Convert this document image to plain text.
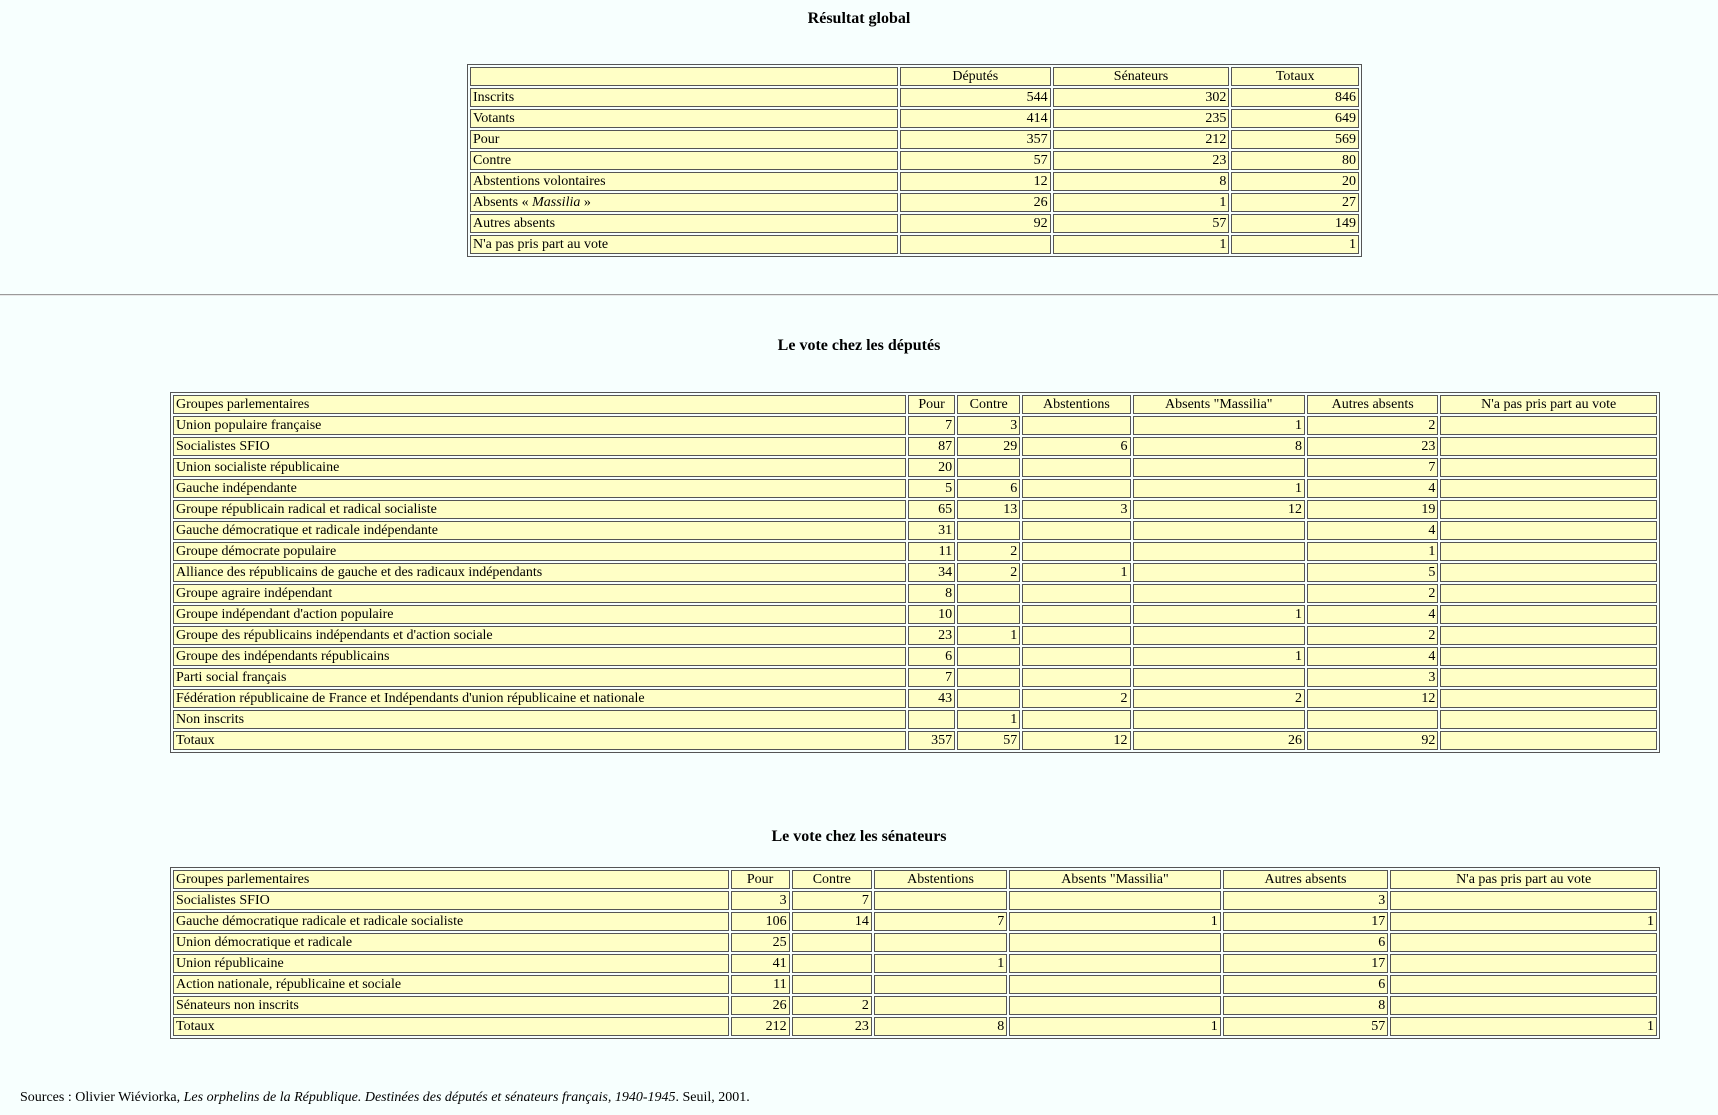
Résultat global
	Députés	Sénateurs	Totaux
Inscrits	544	302	846
Votants	414	235	649
Pour	357	212	569
Contre	57	23	80
Abstentions volontaires	12	8	20
Absents « Massilia »	26	1	27
Autres absents	92	57	149
N'a pas pris part au vote		1	1
Le vote chez les députés
Groupes parlementaires	Pour	Contre	Abstentions	Absents "Massilia"	Autres absents	N'a pas pris part au vote
Union populaire française	7	3		1	2	
Socialistes SFIO	87	29	6	8	23	
Union socialiste républicaine	20				7	
Gauche indépendante	5	6		1	4	
Groupe républicain radical et radical socialiste	65	13	3	12	19	
Gauche démocratique et radicale indépendante	31				4	
Groupe démocrate populaire	11	2			1	
Alliance des républicains de gauche et des radicaux indépendants	34	2	1		5	
Groupe agraire indépendant	8				2	
Groupe indépendant d'action populaire	10			1	4	
Groupe des républicains indépendants et d'action sociale	23	1			2	
Groupe des indépendants républicains	6			1	4	
Parti social français	7				3	
Fédération républicaine de France et Indépendants d'union républicaine et nationale	43		2	2	12	
Non inscrits		1				
Totaux	357	57	12	26	92	
Le vote chez les sénateurs
Groupes parlementaires	Pour	Contre	Abstentions	Absents "Massilia"	Autres absents	N'a pas pris part au vote
Socialistes SFIO	3	7			3	
Gauche démocratique radicale et radicale socialiste	106	14	7	1	17	1
Union démocratique et radicale	25				6	
Union républicaine	41		1		17	
Action nationale, républicaine et sociale	11				6	
Sénateurs non inscrits	26	2			8	
Totaux	212	23	8	1	57	1
Sources : Olivier Wiéviorka, Les orphelins de la République. Destinées des députés et sénateurs français, 1940-1945. Seuil, 2001.
